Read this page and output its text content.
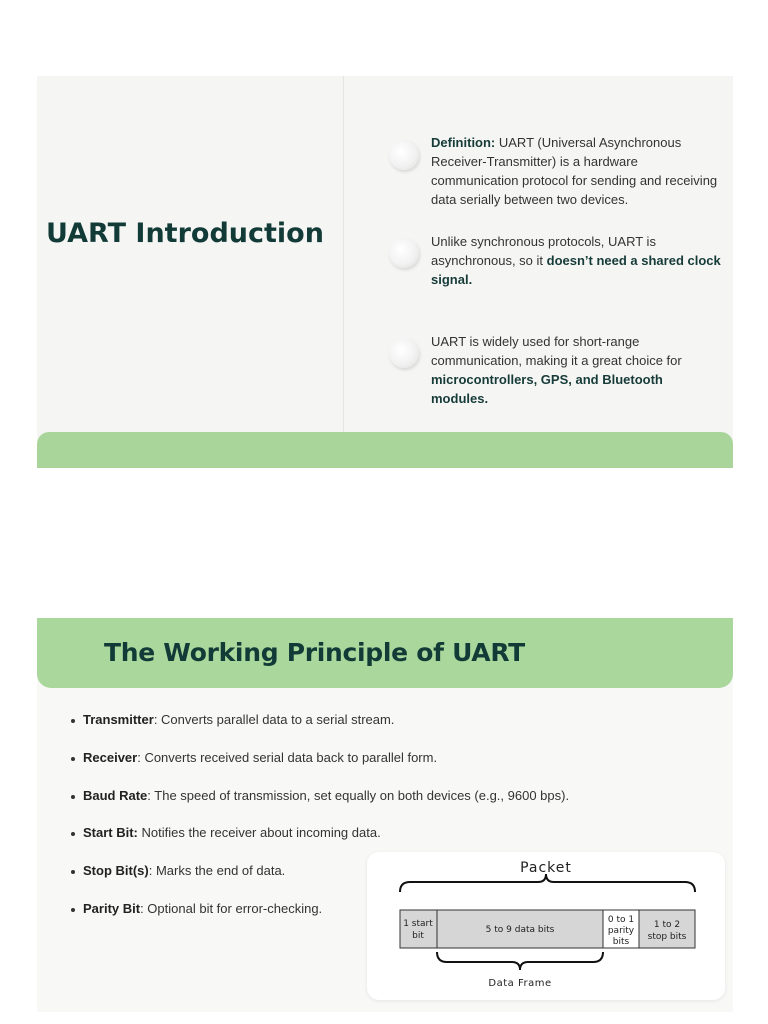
UART Introduction

Definition: UART (Universal Asynchronous Receiver-Transmitter) is a hardware communication protocol for sending and receiving data serially between two devices.

Unlike synchronous protocols, UART is asynchronous, so it doesn’t need a shared clock signal.

UART is widely used for short-range communication, making it a great choice for microcontrollers, GPS, and Bluetooth modules.

The Working Principle of UART
Transmitter: Converts parallel data to a serial stream.
Receiver: Converts received serial data back to parallel form.
Baud Rate: The speed of transmission, set equally on both devices (e.g., 9600 bps).
Start Bit: Notifies the receiver about incoming data.
Stop Bit(s): Marks the end of data.
Parity Bit: Optional bit for error-checking.
Packet
1 start
bit
5 to 9 data bits
0 to 1
parity
bits
1 to 2
stop bits
Data Frame
